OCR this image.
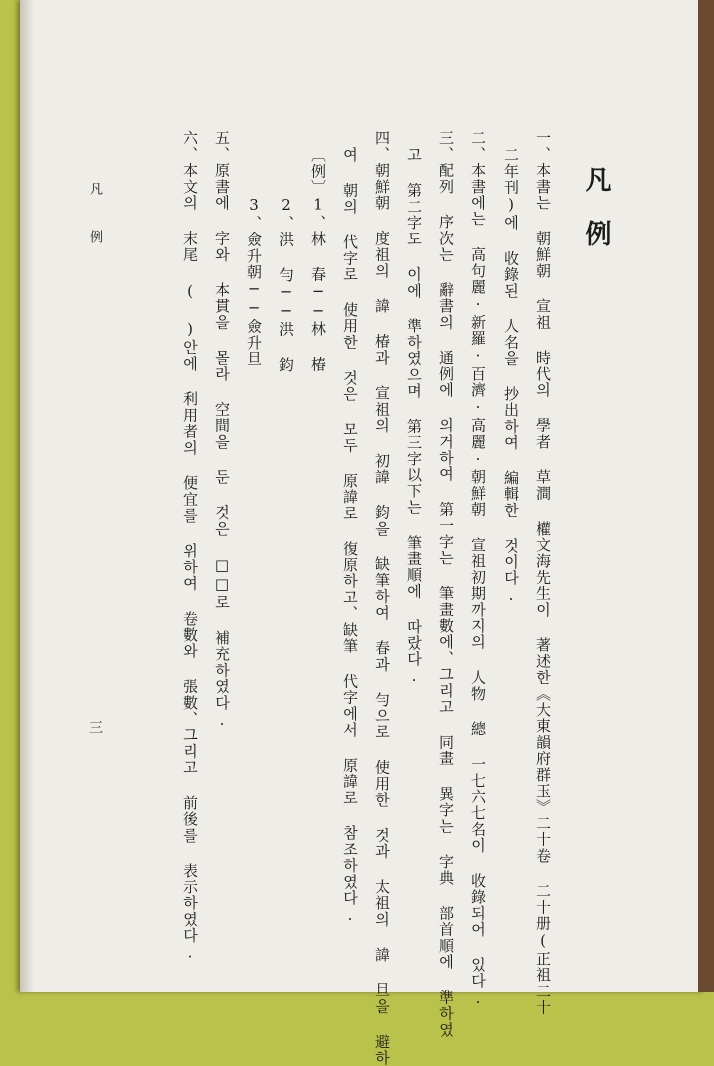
凡 例
三
凡例
一、本書는 朝鮮朝 宣祖 時代의 學者 草澗 權文海先生이 著述한《大東韻府群玉》二十卷 二十册(正祖二十
二年刊)에 收錄된 人名을 抄出하여 編輯한 것이다.
二、本書에는 高句麗·新羅·百濟·高麗·朝鮮朝 宣祖初期까지의 人物 總 一七六七名이 收錄되어 있다.
三、配列 序次는 辭書의 通例에 의거하여 第一字는 筆畫數에、그리고 同畫 異字는 字典 部首順에 準하였
고 第二字도 이에 準하였으며 第三字以下는 筆畫順에 따랐다.
四、朝鮮朝 度祖의 諱 椿과 宣祖의 初諱 鈞을 缺筆하여 春과 勻으로 使用한 것과 太祖의 諱 旦을 避하
여 朝의 代字로 使用한 것은 모두 原諱로 復原하고、缺筆 代字에서 原諱로 참조하였다.
〔例〕1、林 春──林 椿
2、洪 勻──洪 鈞
3、僉升朝──僉升旦
五、原書에 字와 本貫을 몰라 空間을 둔 것은 □□로 補充하였다.
六、本文의 末尾 ( )안에 利用者의 便宜를 위하여 卷數와 張數、그리고 前後를 表示하였다.
